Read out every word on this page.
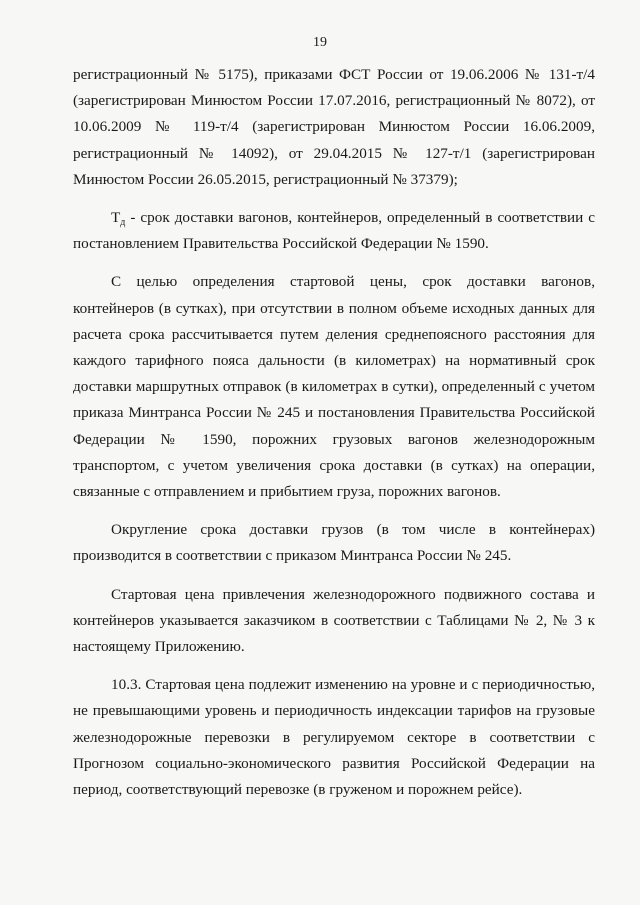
19

регистрационный № 5175), приказами ФСТ России от 19.06.2006 № 131-т/4 (зарегистрирован Минюстом России 17.07.2016, регистрационный № 8072), от 10.06.2009 № 119-т/4 (зарегистрирован Минюстом России 16.06.2009, регистрационный № 14092), от 29.04.2015 № 127-т/1 (зарегистрирован Минюстом России 26.05.2015, регистрационный № 37379);

$Т_д$ - срок доставки вагонов, контейнеров, определенный в соответствии с постановлением Правительства Российской Федерации № 1590.

С целью определения стартовой цены, срок доставки вагонов, контейнеров (в сутках), при отсутствии в полном объеме исходных данных для расчета срока рассчитывается путем деления среднепоясного расстояния для каждого тарифного пояса дальности (в километрах) на нормативный срок доставки маршрутных отправок (в километрах в сутки), определенный с учетом приказа Минтранса России № 245 и постановления Правительства Российской Федерации № 1590, порожних грузовых вагонов железнодорожным транспортом, с учетом увеличения срока доставки (в сутках) на операции, связанные с отправлением и прибытием груза, порожних вагонов.

Округление срока доставки грузов (в том числе в контейнерах) производится в соответствии с приказом Минтранса России № 245.

Стартовая цена привлечения железнодорожного подвижного состава и контейнеров указывается заказчиком в соответствии с Таблицами № 2, № 3 к настоящему Приложению.

10.3. Стартовая цена подлежит изменению на уровне и с периодичностью, не превышающими уровень и периодичность индексации тарифов на грузовые железнодорожные перевозки в регулируемом секторе в соответствии с Прогнозом социально-экономического развития Российской Федерации на период, соответствующий перевозке (в груженом и порожнем рейсе).
